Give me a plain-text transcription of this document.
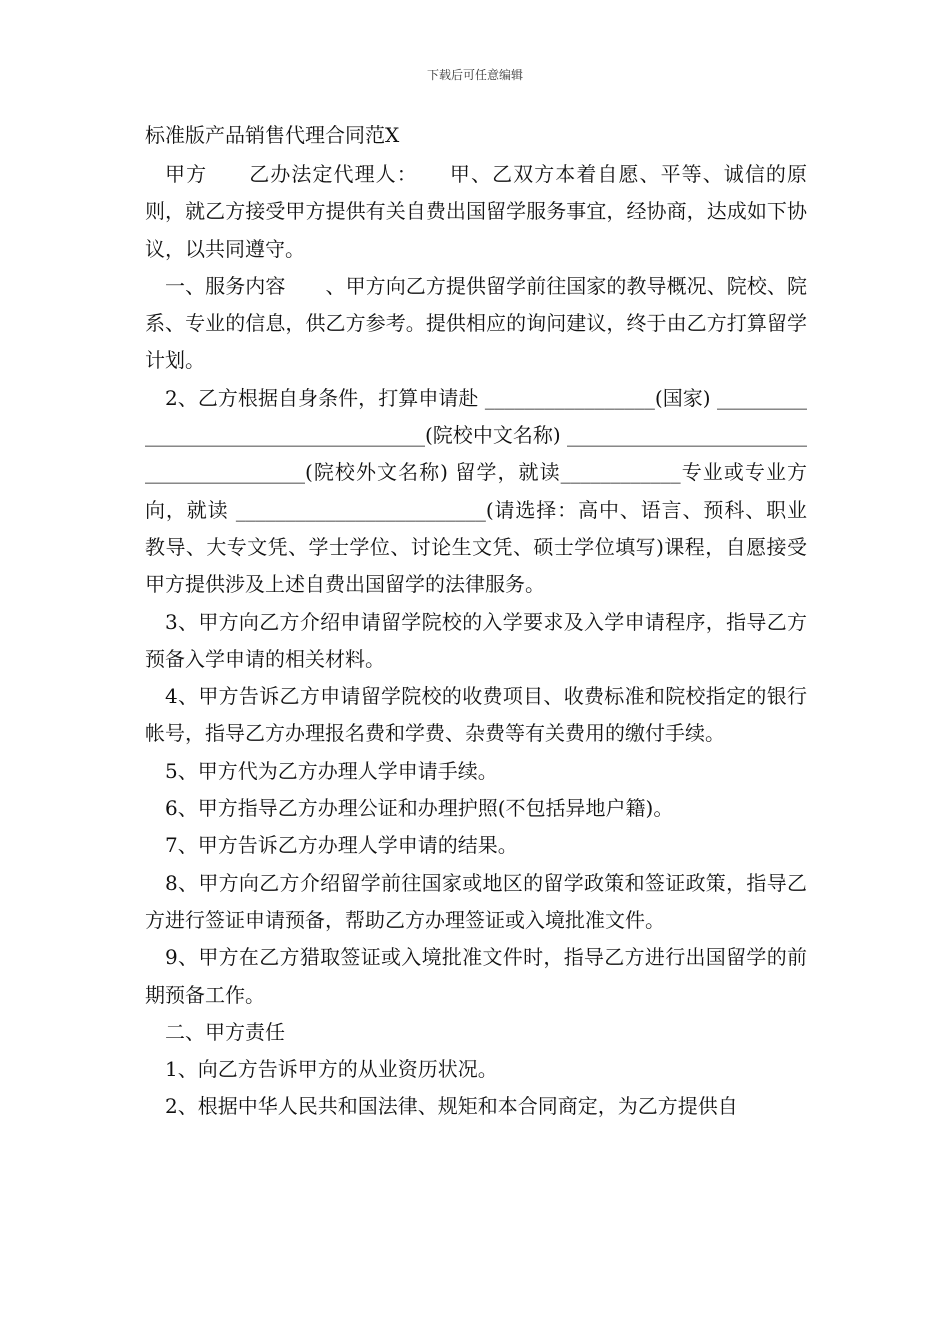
下载后可任意编辑
标准版产品销售代理合同范X

甲方　　乙办法定代理人：　　甲、乙双方本着自愿、平等、诚信的原则，就乙方接受甲方提供有关自费出国留学服务事宜，经协商，达成如下协议，以共同遵守。

一、服务内容　　、甲方向乙方提供留学前往国家的教导概况、院校、院系、专业的信息，供乙方参考。提供相应的询问建议，终于由乙方打算留学计划。

2、乙方根据自身条件，打算申请赴 _________________(国家) _____________________________________(院校中文名称) ________________________________________(院校外文名称) 留学，就读____________专业或专业方向，就读 _________________________(请选择：高中、语言、预科、职业教导、大专文凭、学士学位、讨论生文凭、硕士学位填写)课程，自愿接受甲方提供涉及上述自费出国留学的法律服务。

3、甲方向乙方介绍申请留学院校的入学要求及入学申请程序，指导乙方预备入学申请的相关材料。

4、甲方告诉乙方申请留学院校的收费项目、收费标准和院校指定的银行帐号，指导乙方办理报名费和学费、杂费等有关费用的缴付手续。

5、甲方代为乙方办理人学申请手续。

6、甲方指导乙方办理公证和办理护照(不包括异地户籍)。

7、甲方告诉乙方办理人学申请的结果。

8、甲方向乙方介绍留学前往国家或地区的留学政策和签证政策，指导乙方进行签证申请预备，帮助乙方办理签证或入境批准文件。

9、甲方在乙方猎取签证或入境批准文件时，指导乙方进行出国留学的前期预备工作。

二、甲方责任

1、向乙方告诉甲方的从业资历状况。

2、根据中华人民共和国法律、规矩和本合同商定，为乙方提供自
